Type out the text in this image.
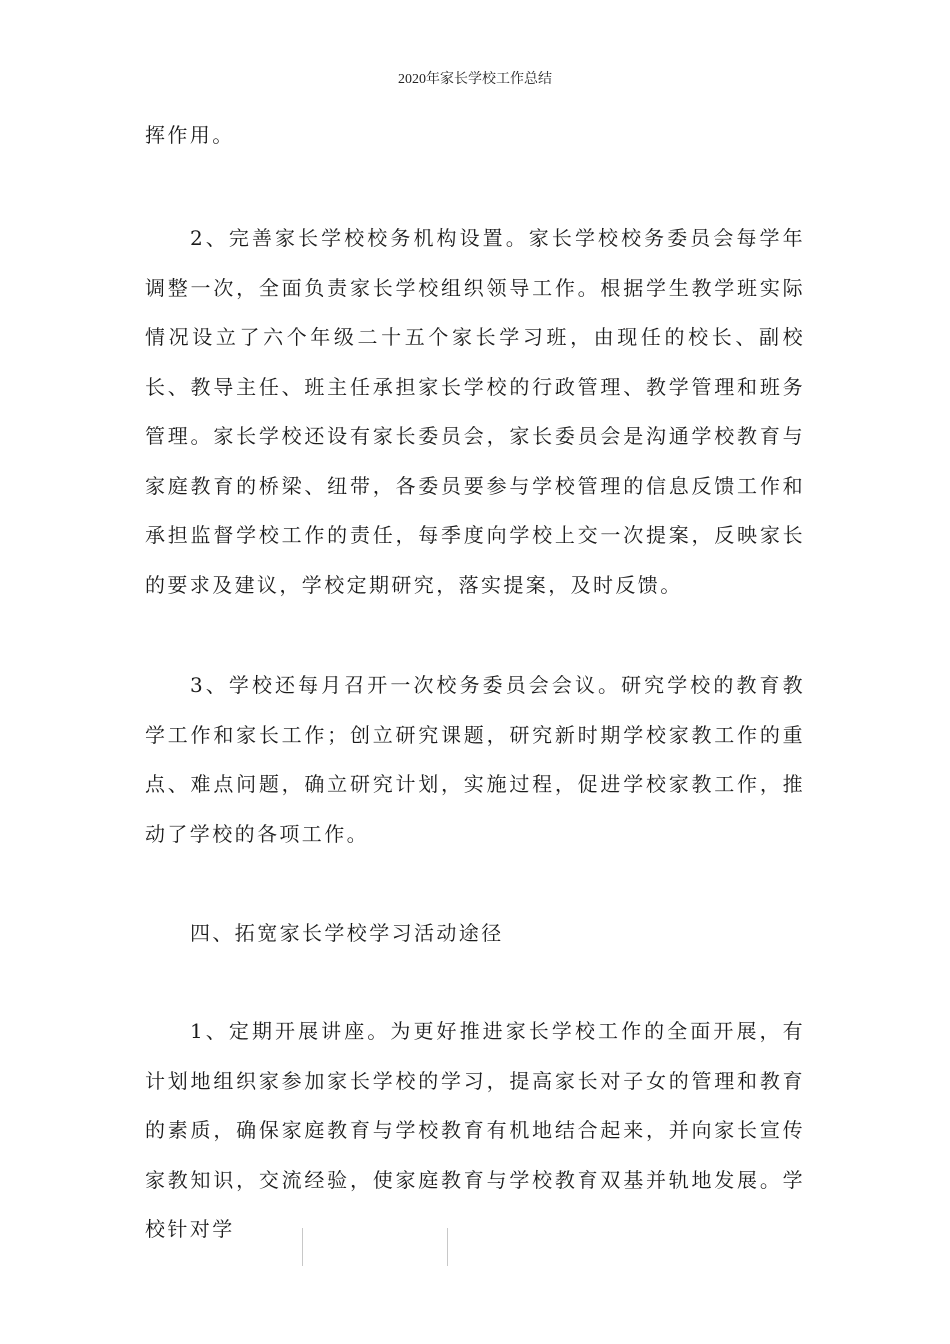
2020年家长学校工作总结

挥作用。

2、完善家长学校校务机构设置。家长学校校务委员会每学年调整一次，全面负责家长学校组织领导工作。根据学生教学班实际情况设立了六个年级二十五个家长学习班，由现任的校长、副校长、教导主任、班主任承担家长学校的行政管理、教学管理和班务管理。家长学校还设有家长委员会，家长委员会是沟通学校教育与家庭教育的桥梁、纽带，各委员要参与学校管理的信息反馈工作和承担监督学校工作的责任，每季度向学校上交一次提案，反映家长的要求及建议，学校定期研究，落实提案，及时反馈。

3、学校还每月召开一次校务委员会会议。研究学校的教育教学工作和家长工作；创立研究课题，研究新时期学校家教工作的重点、难点问题，确立研究计划，实施过程，促进学校家教工作，推动了学校的各项工作。

四、拓宽家长学校学习活动途径

1、定期开展讲座。为更好推进家长学校工作的全面开展，有计划地组织家参加家长学校的学习，提高家长对子女的管理和教育的素质，确保家庭教育与学校教育有机地结合起来，并向家长宣传家教知识，交流经验，使家庭教育与学校教育双基并轨地发展。学校针对学
